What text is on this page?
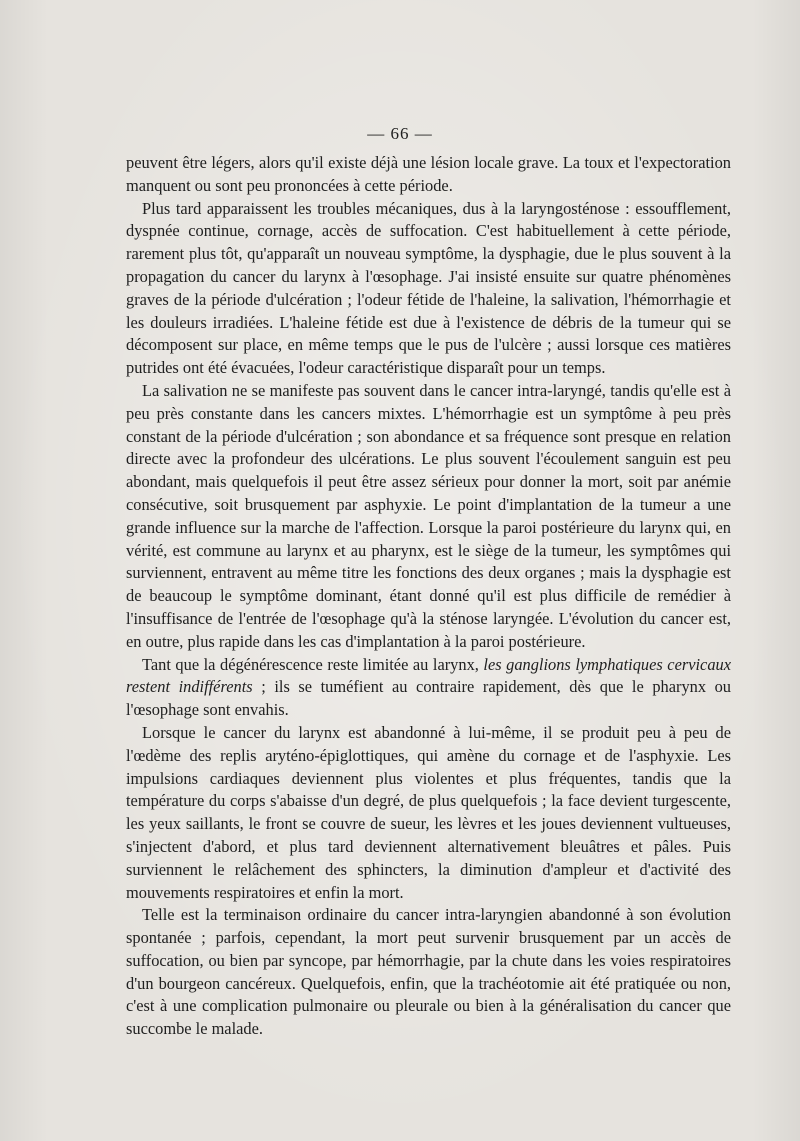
— 66 —

peuvent être légers, alors qu'il existe déjà une lésion locale grave. La toux et l'expectoration manquent ou sont peu prononcées à cette période.

Plus tard apparaissent les troubles mécaniques, dus à la laryngosténose : essoufflement, dyspnée continue, cornage, accès de suffocation. C'est habituellement à cette période, rarement plus tôt, qu'apparaît un nouveau symptôme, la dysphagie, due le plus souvent à la propagation du cancer du larynx à l'œsophage. J'ai insisté ensuite sur quatre phénomènes graves de la période d'ulcération ; l'odeur fétide de l'haleine, la salivation, l'hémorrhagie et les douleurs irradiées. L'haleine fétide est due à l'existence de débris de la tumeur qui se décomposent sur place, en même temps que le pus de l'ulcère ; aussi lorsque ces matières putrides ont été évacuées, l'odeur caractéristique disparaît pour un temps.

La salivation ne se manifeste pas souvent dans le cancer intra-laryngé, tandis qu'elle est à peu près constante dans les cancers mixtes. L'hémorrhagie est un symptôme à peu près constant de la période d'ulcération ; son abondance et sa fréquence sont presque en relation directe avec la profondeur des ulcérations. Le plus souvent l'écoulement sanguin est peu abondant, mais quelquefois il peut être assez sérieux pour donner la mort, soit par anémie consécutive, soit brusquement par asphyxie. Le point d'implantation de la tumeur a une grande influence sur la marche de l'affection. Lorsque la paroi postérieure du larynx qui, en vérité, est commune au larynx et au pharynx, est le siège de la tumeur, les symptômes qui surviennent, entravent au même titre les fonctions des deux organes ; mais la dysphagie est de beaucoup le symptôme dominant, étant donné qu'il est plus difficile de remédier à l'insuffisance de l'entrée de l'œsophage qu'à la sténose laryngée. L'évolution du cancer est, en outre, plus rapide dans les cas d'implantation à la paroi postérieure.

Tant que la dégénérescence reste limitée au larynx, les ganglions lymphatiques cervicaux restent indifférents ; ils se tuméfient au contraire rapidement, dès que le pharynx ou l'œsophage sont envahis.

Lorsque le cancer du larynx est abandonné à lui-même, il se produit peu à peu de l'œdème des replis aryténo-épiglottiques, qui amène du cornage et de l'asphyxie. Les impulsions cardiaques deviennent plus violentes et plus fréquentes, tandis que la température du corps s'abaisse d'un degré, de plus quelquefois ; la face devient turgescente, les yeux saillants, le front se couvre de sueur, les lèvres et les joues deviennent vultueuses, s'injectent d'abord, et plus tard deviennent alternativement bleuâtres et pâles. Puis surviennent le relâchement des sphincters, la diminution d'ampleur et d'activité des mouvements respiratoires et enfin la mort.

Telle est la terminaison ordinaire du cancer intra-laryngien abandonné à son évolution spontanée ; parfois, cependant, la mort peut survenir brusquement par un accès de suffocation, ou bien par syncope, par hémorrhagie, par la chute dans les voies respiratoires d'un bourgeon cancéreux. Quelquefois, enfin, que la trachéotomie ait été pratiquée ou non, c'est à une complication pulmonaire ou pleurale ou bien à la généralisation du cancer que succombe le malade.
